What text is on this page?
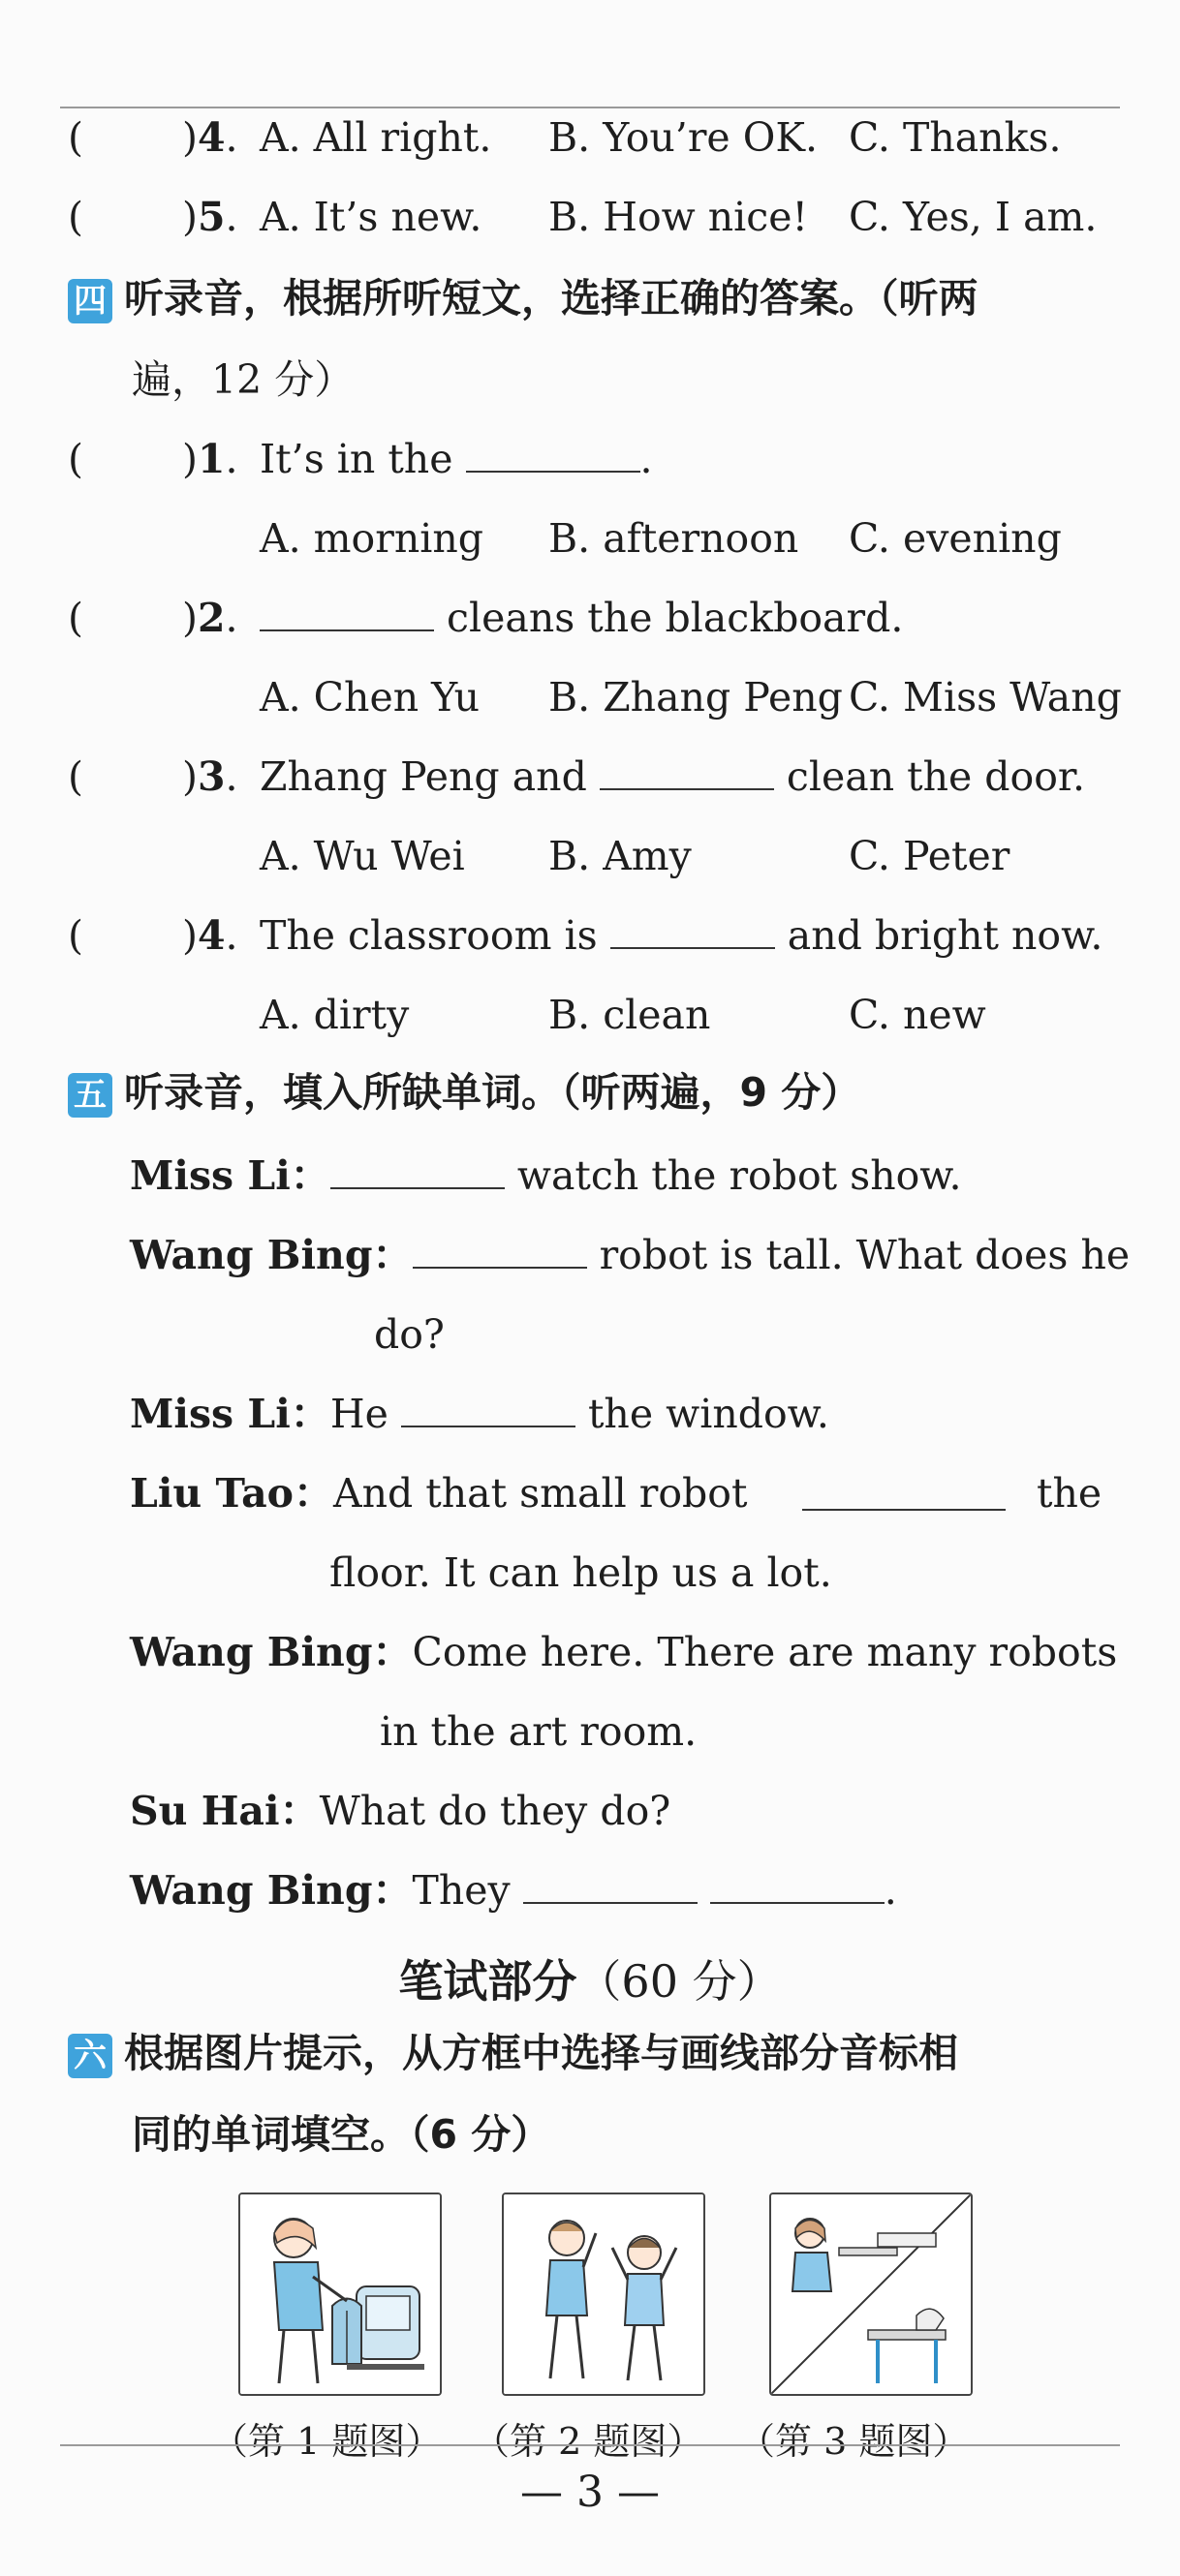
( )4. A. All right. B. You’re OK. C. Thanks.
( )5. A. It’s new. B. How nice! C. Yes, I am.
四 听录音，根据所听短文，选择正确的答案。（听两
遍，12 分）
( )1. It’s in the	.
A. morning B. afternoon C. evening
( )2.	cleans the blackboard.
A. Chen Yu B. Zhang Peng C. Miss Wang
( )3. Zhang Peng and	clean the door.
A. Wu Wei B. Amy	C. Peter
( )4. The classroom is	and bright now.
A. dirty	B. clean	C. new
五 听录音，填入所缺单词。（听两遍，9 分）
Miss Li：	watch the robot show.
Wang Bing：	robot is tall. What does he
do?
Miss Li：He	the window.
Liu Tao：And that small robot	the
floor. It can help us a lot.
Wang Bing：Come here. There are many robots
in the art room.
Su Hai：What do they do?
Wang Bing：They	.
笔试部分（60 分）
六 根据图片提示，从方框中选择与画线部分音标相
同的单词填空。（6 分）
（第 1 题图） （第 2 题图） （第 3 题图）
— 3 —
